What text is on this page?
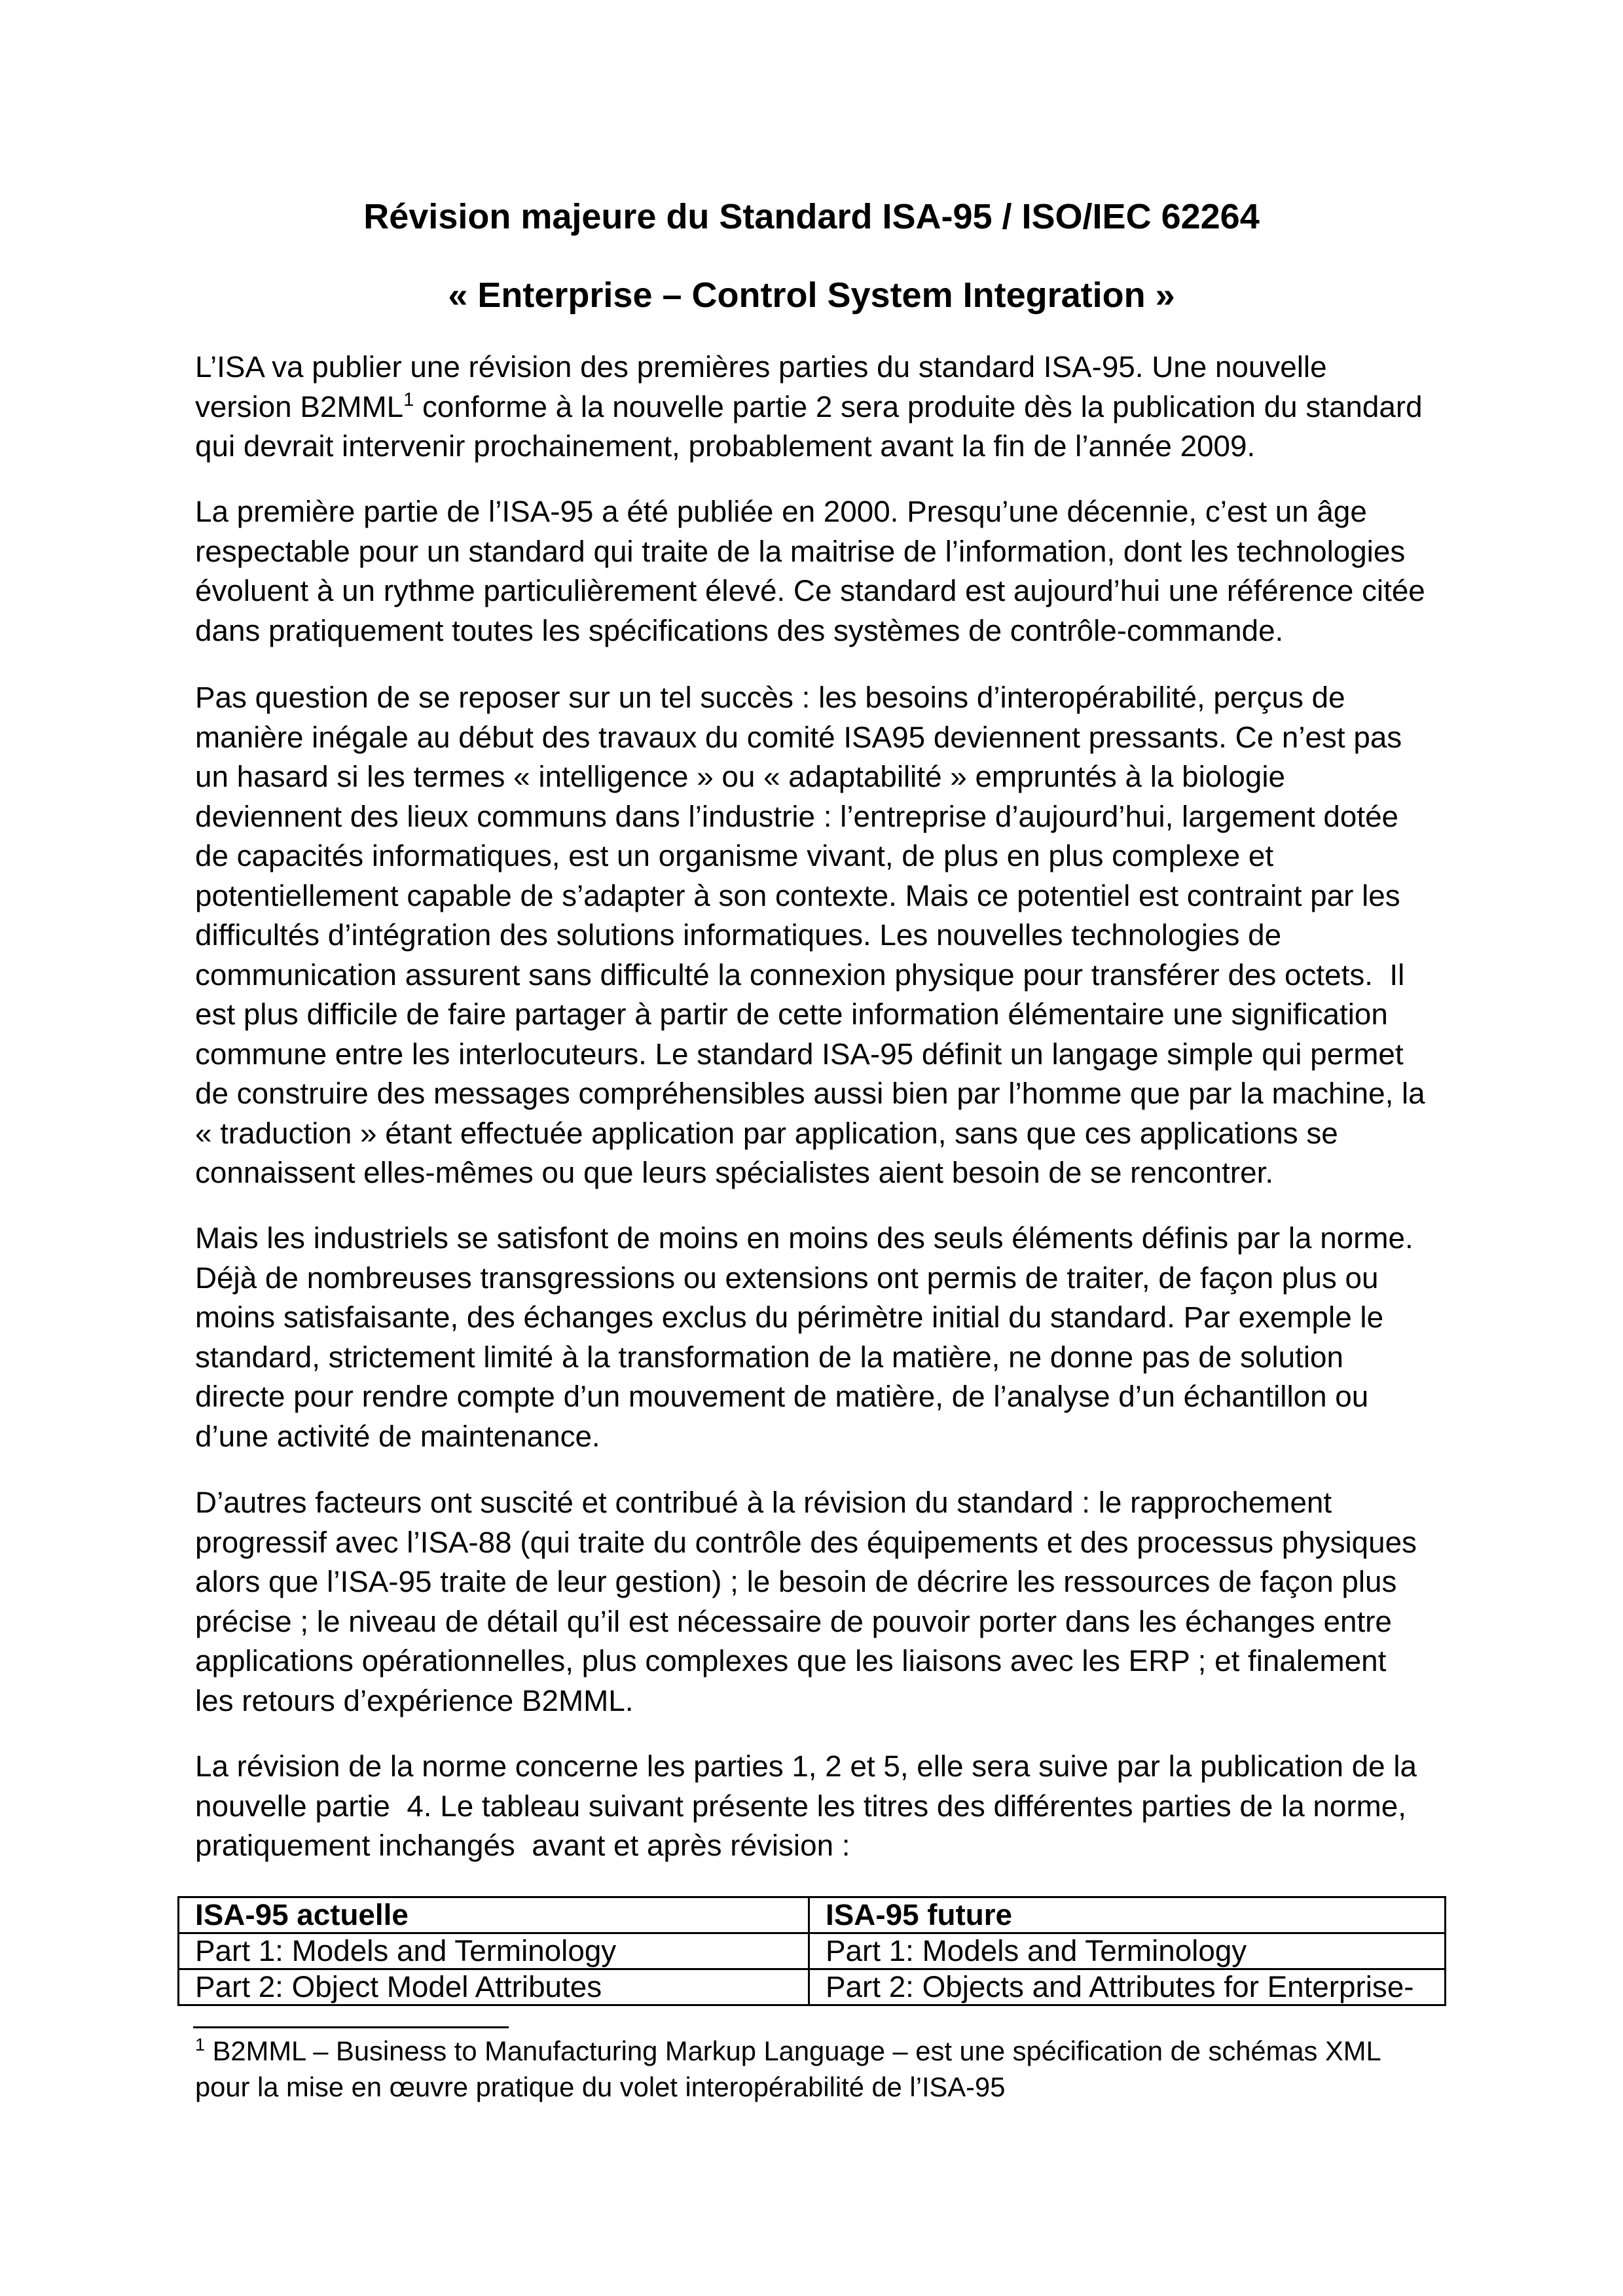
Révision majeure du Standard ISA-95 / ISO/IEC 62264
« Enterprise – Control System Integration »
L’ISA va publier une révision des premières parties du standard ISA-95. Une nouvelle
version B2MML$^1$ conforme à la nouvelle partie 2 sera produite dès la publication du standard
qui devrait intervenir prochainement, probablement avant la fin de l’année 2009.
La première partie de l’ISA-95 a été publiée en 2000. Presqu’une décennie, c’est un âge
respectable pour un standard qui traite de la maitrise de l’information, dont les technologies
évoluent à un rythme particulièrement élevé. Ce standard est aujourd’hui une référence citée
dans pratiquement toutes les spécifications des systèmes de contrôle-commande.
Pas question de se reposer sur un tel succès : les besoins d’interopérabilité, perçus de
manière inégale au début des travaux du comité ISA95 deviennent pressants. Ce n’est pas
un hasard si les termes « intelligence » ou « adaptabilité » empruntés à la biologie
deviennent des lieux communs dans l’industrie : l’entreprise d’aujourd’hui, largement dotée
de capacités informatiques, est un organisme vivant, de plus en plus complexe et
potentiellement capable de s’adapter à son contexte. Mais ce potentiel est contraint par les
difficultés d’intégration des solutions informatiques. Les nouvelles technologies de
communication assurent sans difficulté la connexion physique pour transférer des octets.  Il
est plus difficile de faire partager à partir de cette information élémentaire une signification
commune entre les interlocuteurs. Le standard ISA-95 définit un langage simple qui permet
de construire des messages compréhensibles aussi bien par l’homme que par la machine, la
« traduction » étant effectuée application par application, sans que ces applications se
connaissent elles-mêmes ou que leurs spécialistes aient besoin de se rencontrer.
Mais les industriels se satisfont de moins en moins des seuls éléments définis par la norme.
Déjà de nombreuses transgressions ou extensions ont permis de traiter, de façon plus ou
moins satisfaisante, des échanges exclus du périmètre initial du standard. Par exemple le
standard, strictement limité à la transformation de la matière, ne donne pas de solution
directe pour rendre compte d’un mouvement de matière, de l’analyse d’un échantillon ou
d’une activité de maintenance.
D’autres facteurs ont suscité et contribué à la révision du standard : le rapprochement
progressif avec l’ISA-88 (qui traite du contrôle des équipements et des processus physiques
alors que l’ISA-95 traite de leur gestion) ; le besoin de décrire les ressources de façon plus
précise ; le niveau de détail qu’il est nécessaire de pouvoir porter dans les échanges entre
applications opérationnelles, plus complexes que les liaisons avec les ERP ; et finalement
les retours d’expérience B2MML.
La révision de la norme concerne les parties 1, 2 et 5, elle sera suive par la publication de la
nouvelle partie  4. Le tableau suivant présente les titres des différentes parties de la norme,
pratiquement inchangés  avant et après révision :
ISA-95 actuelle	ISA-95 future
Part 1: Models and Terminology	Part 1: Models and Terminology
Part 2: Object Model Attributes	Part 2: Objects and Attributes for Enterprise-
$^1$ B2MML – Business to Manufacturing Markup Language – est une spécification de schémas XML
pour la mise en œuvre pratique du volet interopérabilité de l’ISA-95
